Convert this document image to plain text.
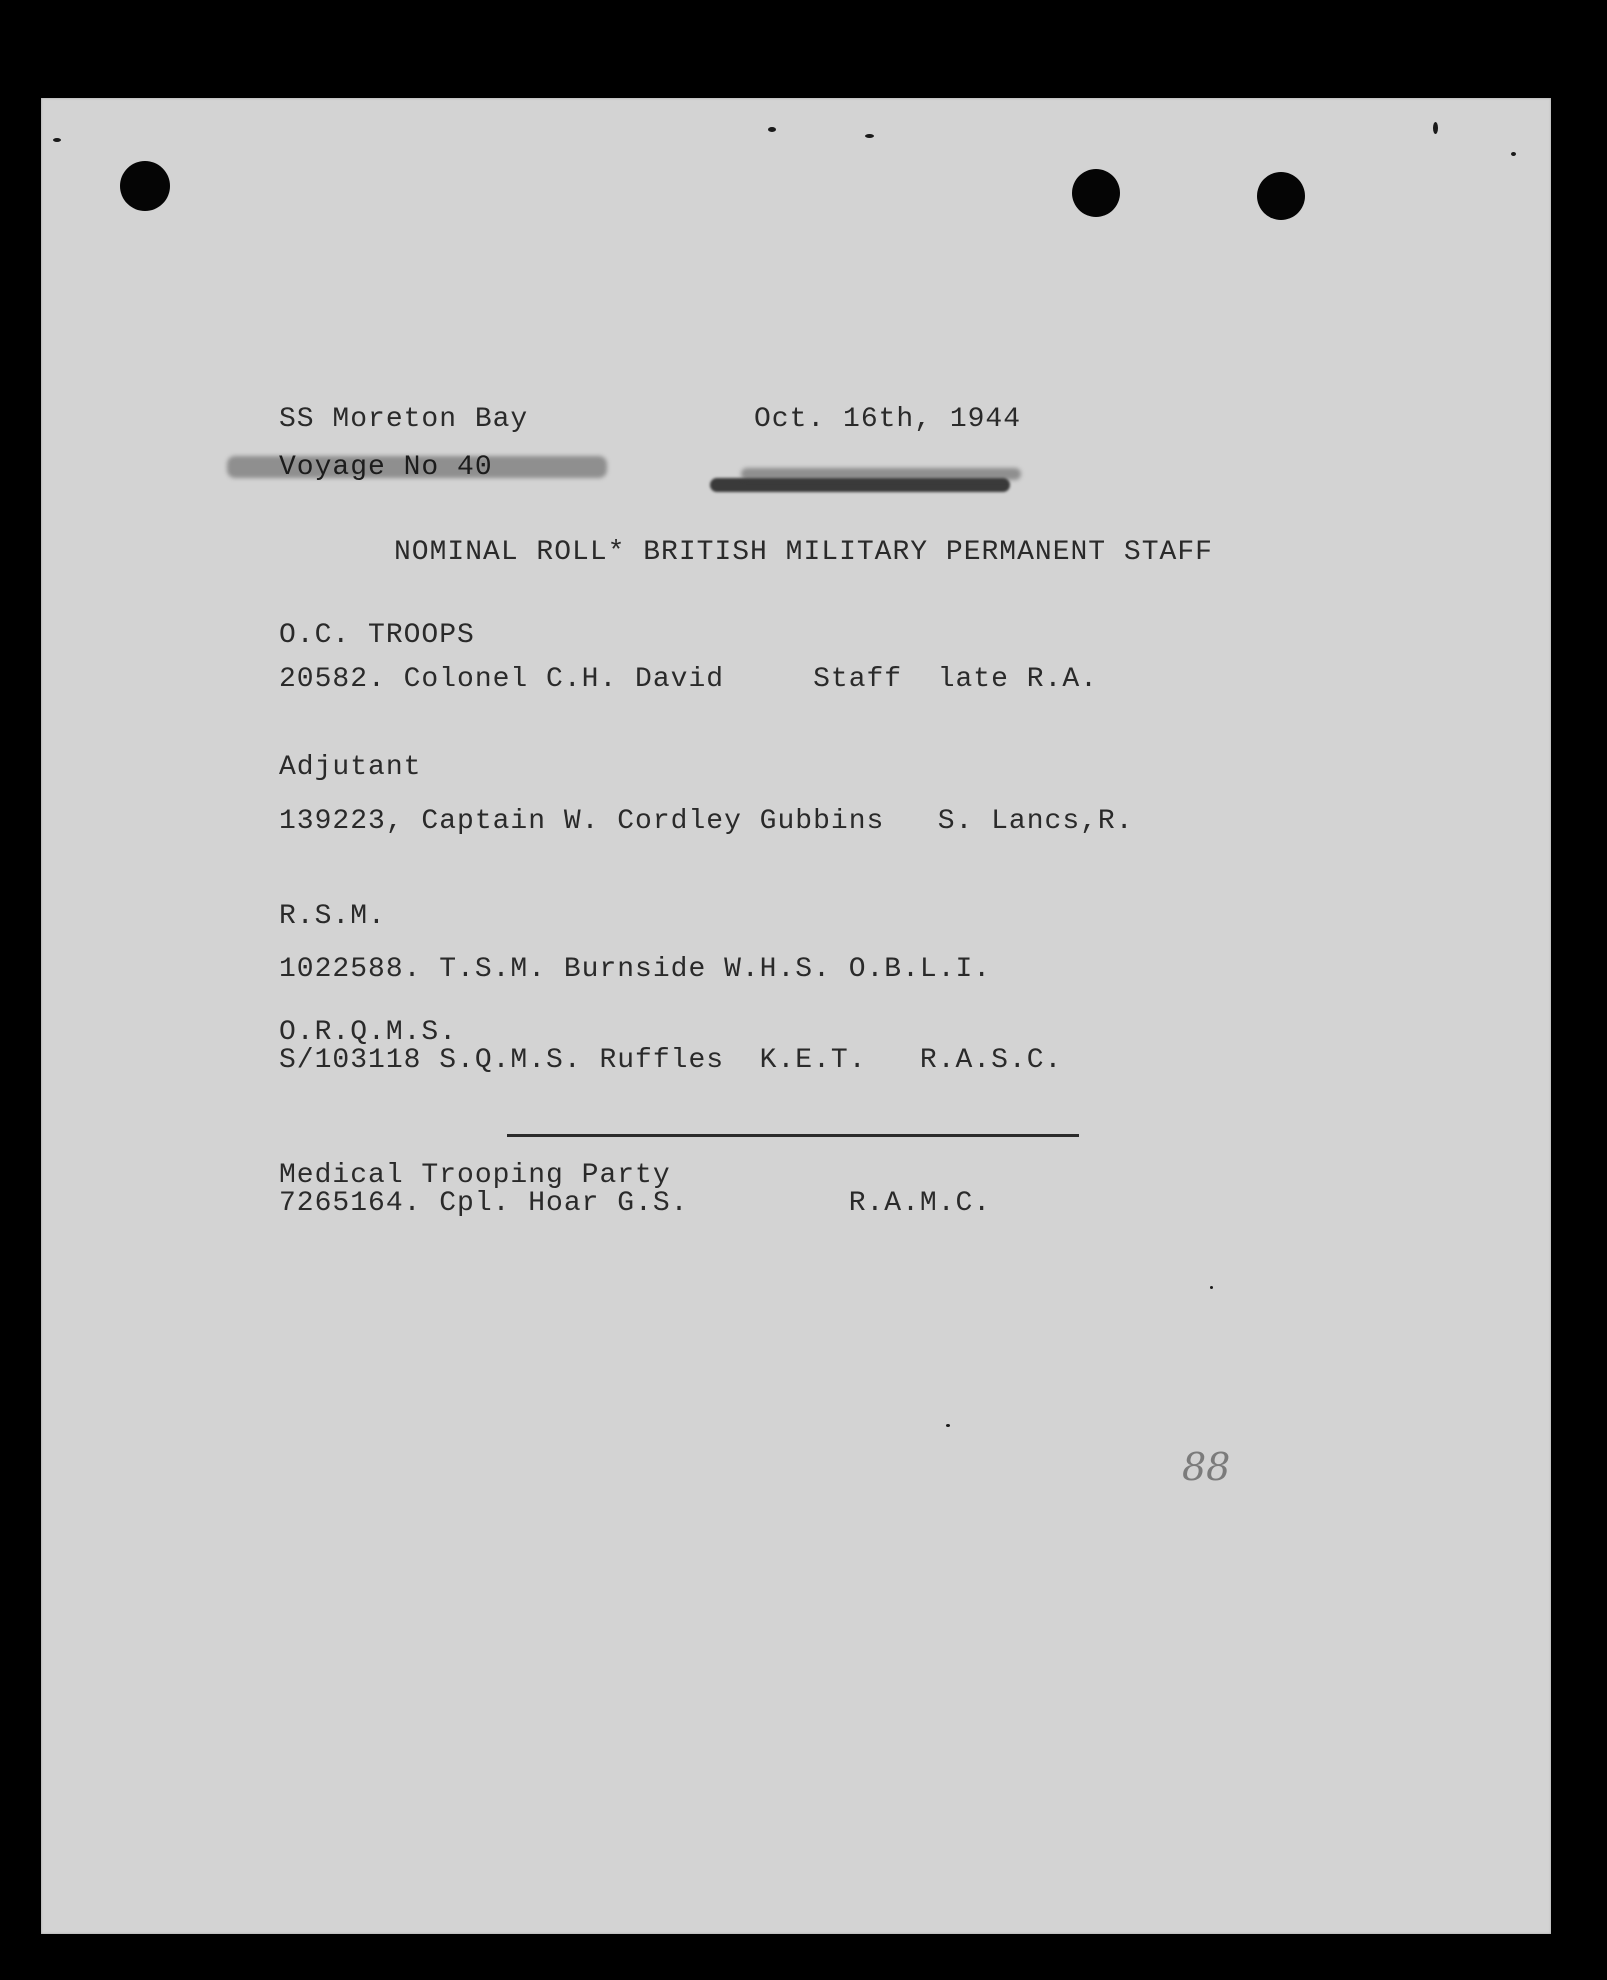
SS Moreton Bay	Oct. 16th, 1944
Voyage No 40
NOMINAL ROLL* BRITISH MILITARY PERMANENT STAFF
O.C. TROOPS
20582. Colonel C.H. David     Staff  late R.A.
Adjutant
139223, Captain W. Cordley Gubbins   S. Lancs,R.
R.S.M.
1022588. T.S.M. Burnside W.H.S. O.B.L.I.
O.R.Q.M.S.
S/103118 S.Q.M.S. Ruffles  K.E.T.   R.A.S.C.
Medical Trooping Party
7265164. Cpl. Hoar G.S.         R.A.M.C.
88
